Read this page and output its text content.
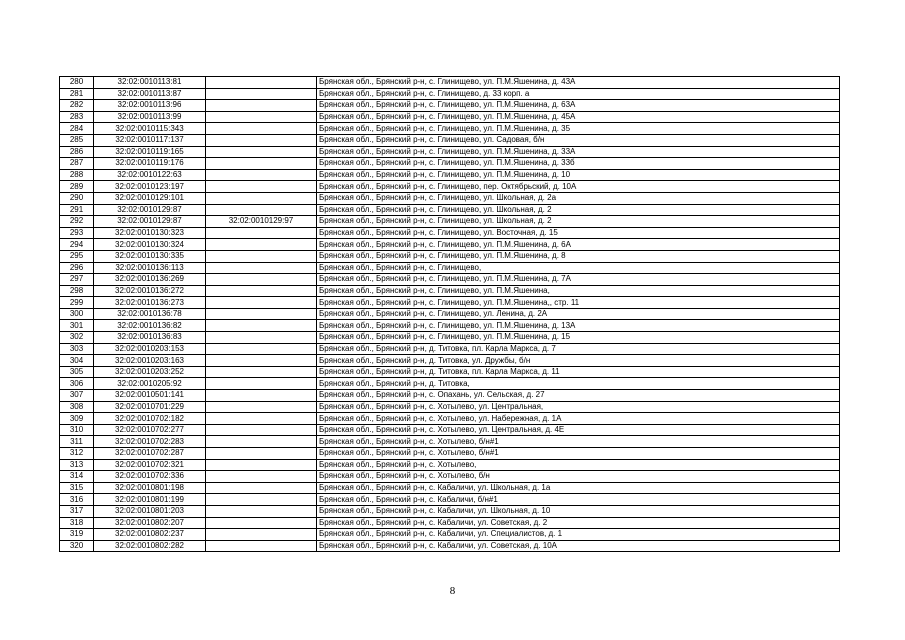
280	32:02:0010113:81		Брянская обл., Брянский р-н, с. Глинищево, ул. П.М.Яшенина, д. 43А
281	32:02:0010113:87		Брянская обл., Брянский р-н, с. Глинищево, д. 33 корп. а
282	32:02:0010113:96		Брянская обл., Брянский р-н, с. Глинищево, ул. П.М.Яшенина, д. 63А
283	32:02:0010113:99		Брянская обл., Брянский р-н, с. Глинищево, ул. П.М.Яшенина, д. 45А
284	32:02:0010115:343		Брянская обл., Брянский р-н, с. Глинищево, ул. П.М.Яшенина, д. 35
285	32:02:0010117:137		Брянская обл., Брянский р-н, с. Глинищево, ул. Садовая, б/н
286	32:02:0010119:165		Брянская обл., Брянский р-н, с. Глинищево, ул. П.М.Яшенина, д. 33А
287	32:02:0010119:176		Брянская обл., Брянский р-н, с. Глинищево, ул. П.М.Яшенина, д. 33б
288	32:02:0010122:63		Брянская обл., Брянский р-н, с. Глинищево, ул. П.М.Яшенина, д. 10
289	32:02:0010123:197		Брянская обл., Брянский р-н, с. Глинищево, пер. Октябрьский, д. 10А
290	32:02:0010129:101		Брянская обл., Брянский р-н, с. Глинищево, ул. Школьная, д. 2а
291	32:02:0010129:87		Брянская обл., Брянский р-н, с. Глинищево, ул. Школьная, д. 2
292	32:02:0010129:87	32:02:0010129:97	Брянская обл., Брянский р-н, с. Глинищево, ул. Школьная, д. 2
293	32:02:0010130:323		Брянская обл., Брянский р-н, с. Глинищево, ул. Восточная, д. 15
294	32:02:0010130:324		Брянская обл., Брянский р-н, с. Глинищево, ул. П.М.Яшенина, д. 6А
295	32:02:0010130:335		Брянская обл., Брянский р-н, с. Глинищево, ул. П.М.Яшенина, д. 8
296	32:02:0010136:113		Брянская обл., Брянский р-н, с. Глинищево,
297	32:02:0010136:269		Брянская обл., Брянский р-н, с. Глинищево, ул. П.М.Яшенина, д. 7А
298	32:02:0010136:272		Брянская обл., Брянский р-н, с. Глинищево, ул. П.М.Яшенина,
299	32:02:0010136:273		Брянская обл., Брянский р-н, с. Глинищево, ул. П.М.Яшенина,, стр. 11
300	32:02:0010136:78		Брянская обл., Брянский р-н, с. Глинищево, ул. Ленина, д. 2А
301	32:02:0010136:82		Брянская обл., Брянский р-н, с. Глинищево, ул. П.М.Яшенина, д. 13А
302	32:02:0010136:83		Брянская обл., Брянский р-н, с. Глинищево, ул. П.М.Яшенина, д. 15
303	32:02:0010203:153		Брянская обл., Брянский р-н, д. Титовка, пл. Карла Маркса, д. 7
304	32:02:0010203:163		Брянская обл., Брянский р-н, д. Титовка, ул. Дружбы, б/н
305	32:02:0010203:252		Брянская обл., Брянский р-н, д. Титовка, пл. Карла Маркса, д. 11
306	32:02:0010205:92		Брянская обл., Брянский р-н, д. Титовка,
307	32:02:0010501:141		Брянская обл., Брянский р-н, с. Опахань, ул. Сельская, д. 27
308	32:02:0010701:229		Брянская обл., Брянский р-н, с. Хотылево, ул. Центральная,
309	32:02:0010702:182		Брянская обл., Брянский р-н, с. Хотылево, ул. Набережная, д. 1А
310	32:02:0010702:277		Брянская обл., Брянский р-н, с. Хотылево, ул. Центральная, д. 4Е
311	32:02:0010702:283		Брянская обл., Брянский р-н, с. Хотылево, б/н#1
312	32:02:0010702:287		Брянская обл., Брянский р-н, с. Хотылево, б/н#1
313	32:02:0010702:321		Брянская обл., Брянский р-н, с. Хотылево,
314	32:02:0010702:336		Брянская обл., Брянский р-н, с. Хотылево, б/н
315	32:02:0010801:198		Брянская обл., Брянский р-н, с. Кабаличи, ул. Школьная, д. 1а
316	32:02:0010801:199		Брянская обл., Брянский р-н, с. Кабаличи, б/н#1
317	32:02:0010801:203		Брянская обл., Брянский р-н, с. Кабаличи, ул. Школьная, д. 10
318	32:02:0010802:207		Брянская обл., Брянский р-н, с. Кабаличи, ул. Советская, д. 2
319	32:02:0010802:237		Брянская обл., Брянский р-н, с. Кабаличи, ул. Специалистов, д. 1
320	32:02:0010802:282		Брянская обл., Брянский р-н, с. Кабаличи, ул. Советская, д. 10А
8
